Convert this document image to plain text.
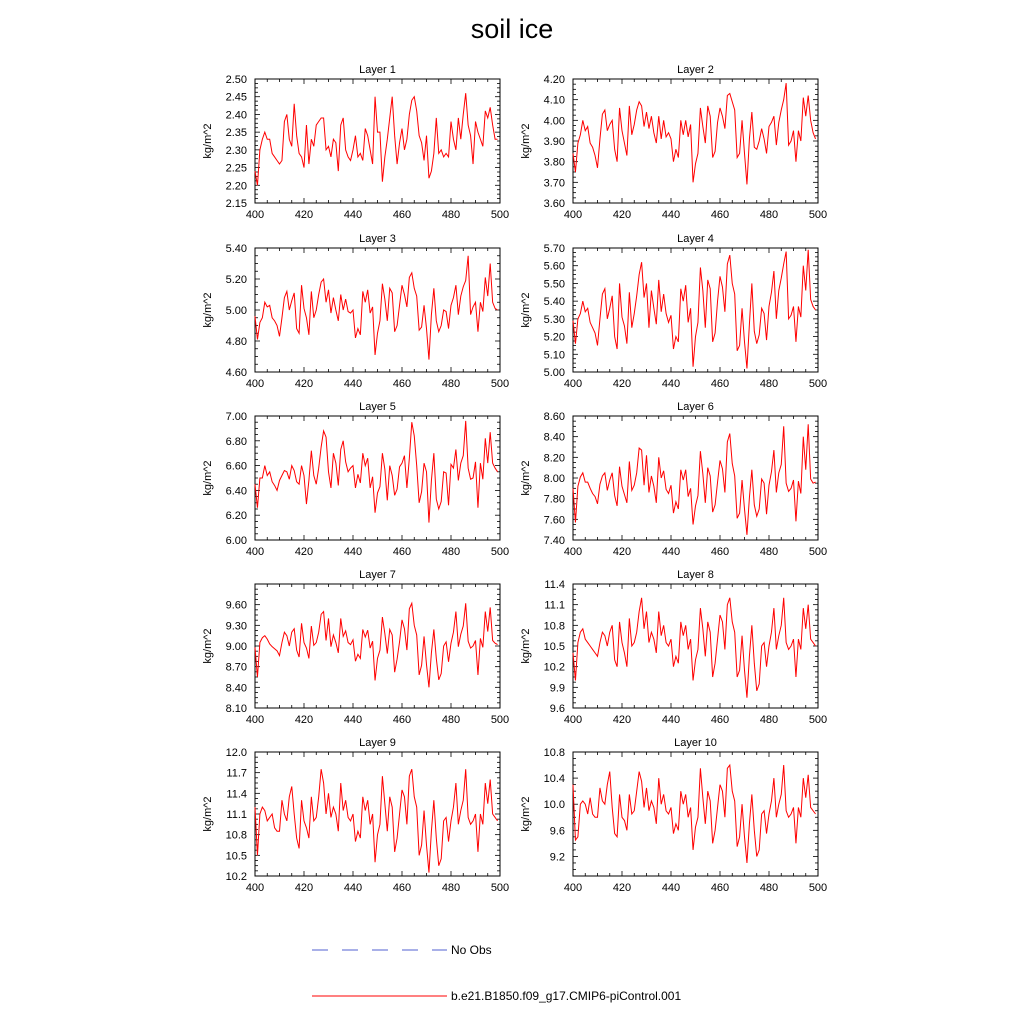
soil ice
Layer 1
kg/m^2
400	420	440	460	480	500
2.15
2.20
2.25
2.30
2.35
2.40
2.45
2.50
Layer 2
kg/m^2
400	420	440	460	480	500
3.60
3.70
3.80
3.90
4.00
4.10
4.20
Layer 3
kg/m^2
400	420	440	460	480	500
4.60
4.80
5.00
5.20
5.40
Layer 4
kg/m^2
400	420	440	460	480	500
5.00
5.10
5.20
5.30
5.40
5.50
5.60
5.70
Layer 5
kg/m^2
400	420	440	460	480	500
6.00
6.20
6.40
6.60
6.80
7.00
Layer 6
kg/m^2
400	420	440	460	480	500
7.40
7.60
7.80
8.00
8.20
8.40
8.60
Layer 7
kg/m^2
400	420	440	460	480	500
8.10
8.40
8.70
9.00
9.30
9.60
Layer 8
kg/m^2
400	420	440	460	480	500
9.6
9.9
10.2
10.5
10.8
11.1
11.4
Layer 9
kg/m^2
400	420	440	460	480	500
10.2
10.5
10.8
11.1
11.4
11.7
12.0
Layer 10
kg/m^2
400	420	440	460	480	500
9.2
9.6
10.0
10.4
10.8
No Obs
b.e21.B1850.f09_g17.CMIP6-piControl.001
